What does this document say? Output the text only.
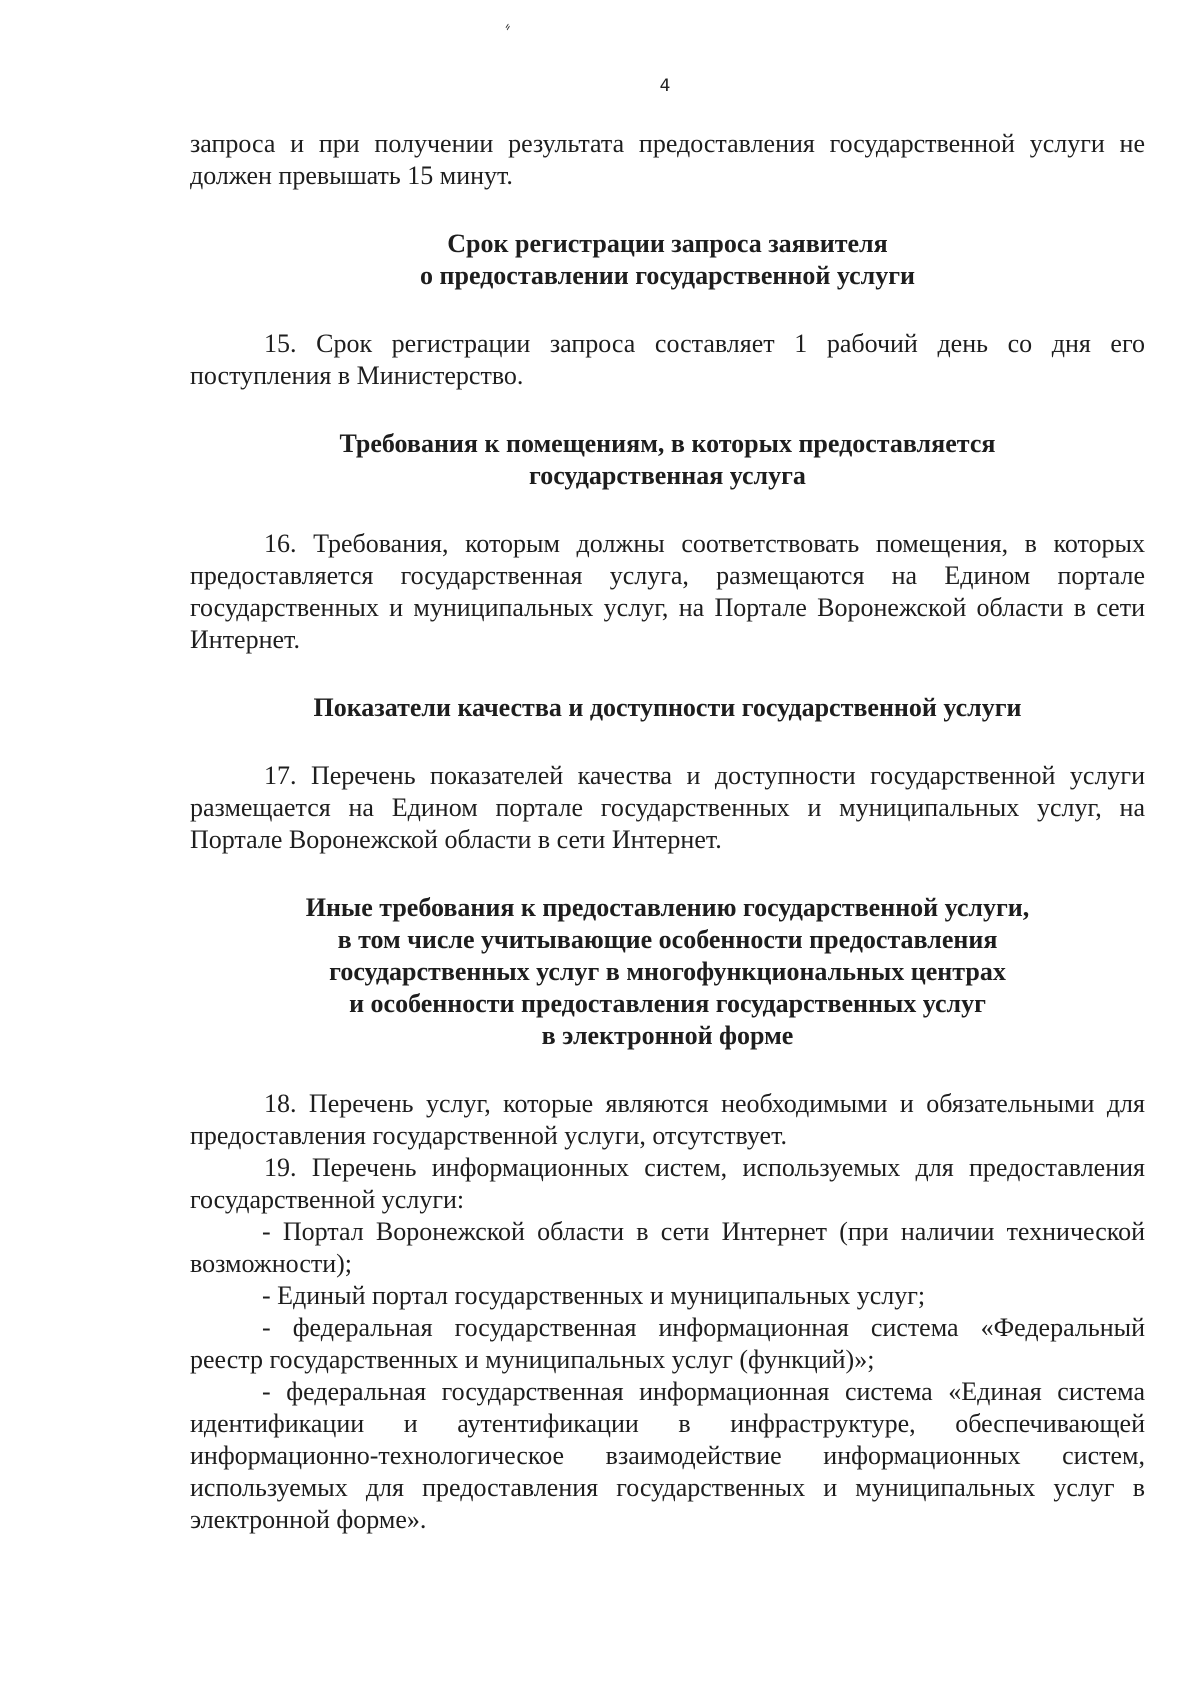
⸗
4

запроса и при получении результата предоставления государственной услуги не должен превышать 15 минут.

Срок регистрации запроса заявителя
о предоставлении государственной услуги

15. Срок регистрации запроса составляет 1 рабочий день со дня его поступления в Министерство.

Требования к помещениям, в которых предоставляется
государственная услуга

16. Требования, которым должны соответствовать помещения, в которых предоставляется государственная услуга, размещаются на Едином портале государственных и муниципальных услуг, на Портале Воронежской области в сети Интернет.

Показатели качества и доступности государственной услуги

17. Перечень показателей качества и доступности государственной услуги размещается на Едином портале государственных и муниципальных услуг, на Портале Воронежской области в сети Интернет.

Иные требования к предоставлению государственной услуги,
в том числе учитывающие особенности предоставления
государственных услуг в многофункциональных центрах
и особенности предоставления государственных услуг
в электронной форме

18. Перечень услуг, которые являются необходимыми и обязательными для предоставления государственной услуги, отсутствует.

19. Перечень информационных систем, используемых для предоставления государственной услуги:

- Портал Воронежской области в сети Интернет (при наличии технической возможности);

- Единый портал государственных и муниципальных услуг;

- федеральная государственная информационная система «Федеральный реестр государственных и муниципальных услуг (функций)»;

- федеральная государственная информационная система «Единая система идентификации и аутентификации в инфраструктуре, обеспечивающей информационно-технологическое взаимодействие информационных систем, используемых для предоставления государственных и муниципальных услуг в электронной форме».
